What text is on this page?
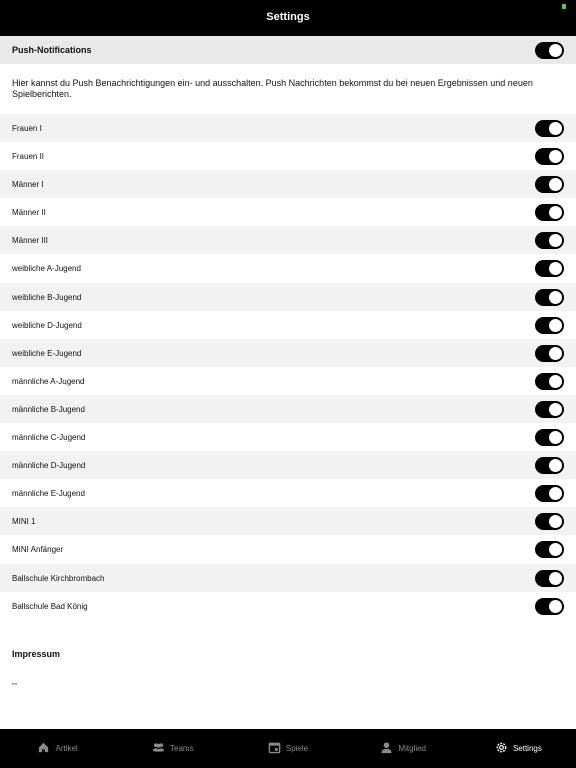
Settings
Push-Notifications
Hier kannst du Push Benachrichtigungen ein- und ausschalten. Push Nachrichten bekommst du bei neuen Ergebnissen und neuen Spielberichten.
Frauen I
Frauen II
Männer I
Männer II
Männer III
weibliche A-Jugend
weibliche B-Jugend
weibliche D-Jugend
weibliche E-Jugend
männliche A-Jugend
männliche B-Jugend
männliche C-Jugend
männliche D-Jugend
männliche E-Jugend
MINI 1
MINI Anfänger
Ballschule Kirchbrombach
Ballschule Bad König
Impressum
""
Artikel	Teams	Spiele	Mitglied	Settings
